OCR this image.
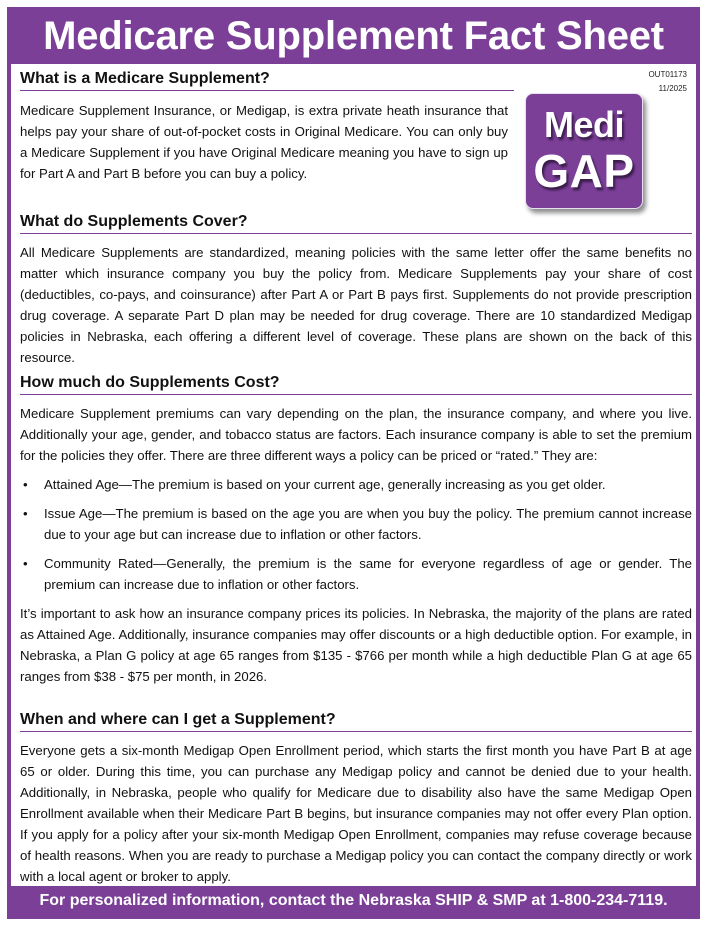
Medicare Supplement Fact Sheet
OUT01173
11/2025
Medi
GAP
What is a Medicare Supplement?

Medicare Supplement Insurance, or Medigap, is extra private heath insurance that helps pay your share of out-of-pocket costs in Original Medicare. You can only buy a Medicare Supplement if you have Original Medicare meaning you have to sign up for Part A and Part B before you can buy a policy.

What do Supplements Cover?

All Medicare Supplements are standardized, meaning policies with the same letter offer the same benefits no matter which insurance company you buy the policy from. Medicare Supplements pay your share of cost (deductibles, co-pays, and coinsurance) after Part A or Part B pays first. Supplements do not provide prescription drug coverage. A separate Part D plan may be needed for drug coverage. There are 10 standardized Medigap policies in Nebraska, each offering a different level of coverage. These plans are shown on the back of this resource.

How much do Supplements Cost?

Medicare Supplement premiums can vary depending on the plan, the insurance company, and where you live. Additionally your age, gender, and tobacco status are factors. Each insurance company is able to set the premium for the policies they offer. There are three different ways a policy can be priced or “rated.” They are:

• Attained Age—The premium is based on your current age, generally increasing as you get older.
• Issue Age—The premium is based on the age you are when you buy the policy. The premium cannot increase due to your age but can increase due to inflation or other factors.
• Community Rated—Generally, the premium is the same for everyone regardless of age or gender. The premium can increase due to inflation or other factors.

It’s important to ask how an insurance company prices its policies. In Nebraska, the majority of the plans are rated as Attained Age. Additionally, insurance companies may offer discounts or a high deductible option. For example, in Nebraska, a Plan G policy at age 65 ranges from $135 - $766 per month while a high deductible Plan G at age 65 ranges from $38 - $75 per month, in 2026.

When and where can I get a Supplement?

Everyone gets a six-month Medigap Open Enrollment period, which starts the first month you have Part B at age 65 or older. During this time, you can purchase any Medigap policy and cannot be denied due to your health. Additionally, in Nebraska, people who qualify for Medicare due to disability also have the same Medigap Open Enrollment available when their Medicare Part B begins, but insurance companies may not offer every Plan option. If you apply for a policy after your six-month Medigap Open Enrollment, companies may refuse coverage because of health reasons. When you are ready to purchase a Medigap policy you can contact the company directly or work with a local agent or broker to apply.

For personalized information, contact the Nebraska SHIP & SMP at 1-800-234-7119.
